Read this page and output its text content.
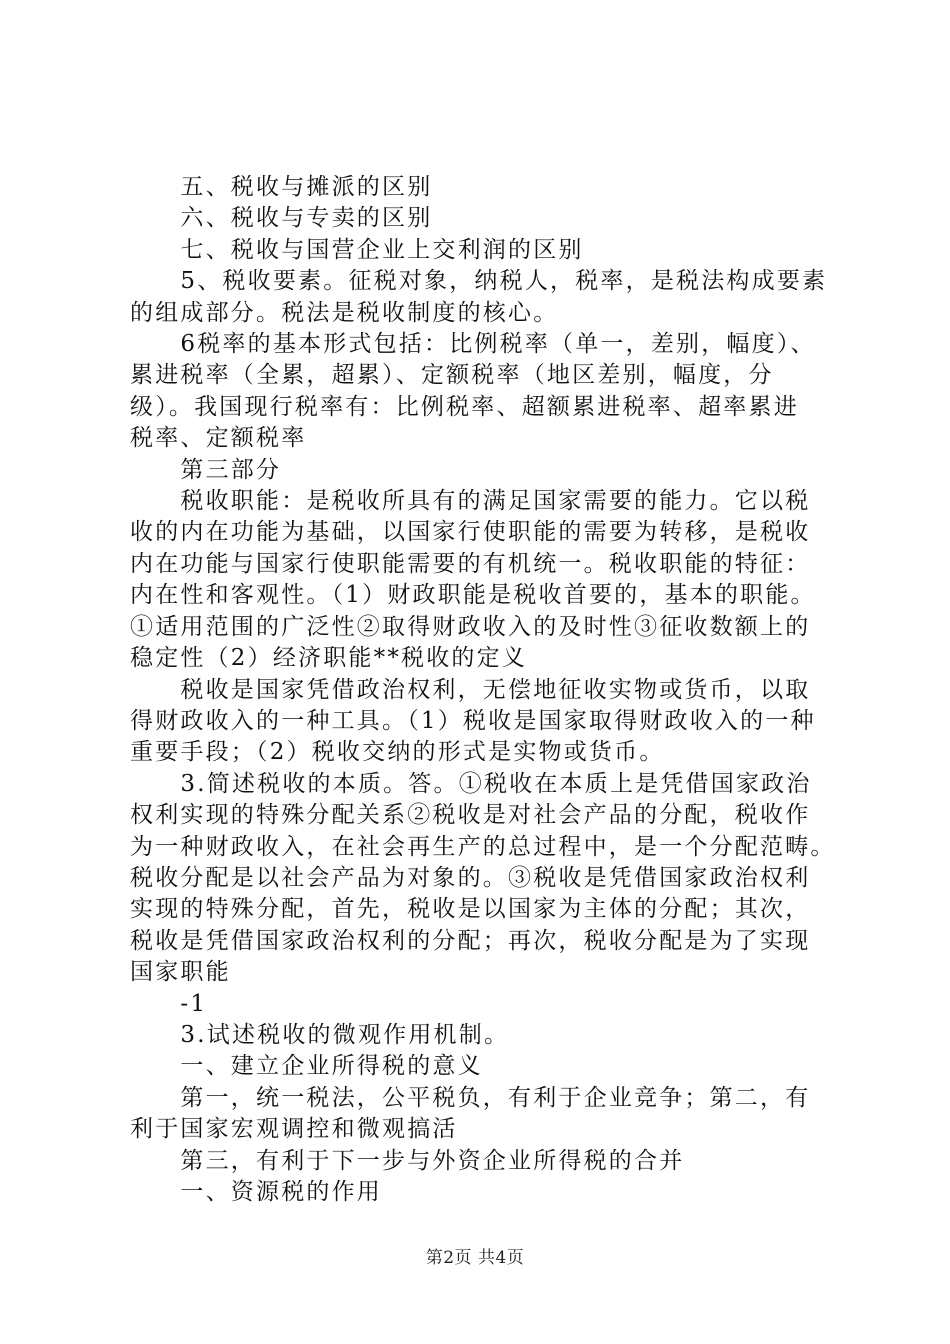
　　五、税收与摊派的区别
　　六、税收与专卖的区别
　　七、税收与国营企业上交利润的区别
　　5、税收要素。征税对象，纳税人，税率，是税法构成要素
的组成部分。税法是税收制度的核心。
　　6税率的基本形式包括：比例税率（单一，差别，幅度）、
累进税率（全累，超累）、定额税率（地区差别，幅度，分
级）。我国现行税率有：比例税率、超额累进税率、超率累进
税率、定额税率
　　第三部分
　　税收职能：是税收所具有的满足国家需要的能力。它以税
收的内在功能为基础，以国家行使职能的需要为转移，是税收
内在功能与国家行使职能需要的有机统一。税收职能的特征：
内在性和客观性。（1）财政职能是税收首要的，基本的职能。
①适用范围的广泛性②取得财政收入的及时性③征收数额上的
稳定性（2）经济职能**税收的定义
　　税收是国家凭借政治权利，无偿地征收实物或货币，以取
得财政收入的一种工具。（1）税收是国家取得财政收入的一种
重要手段；（2）税收交纳的形式是实物或货币。
　　3.简述税收的本质。答。①税收在本质上是凭借国家政治
权利实现的特殊分配关系②税收是对社会产品的分配，税收作
为一种财政收入，在社会再生产的总过程中，是一个分配范畴。
税收分配是以社会产品为对象的。③税收是凭借国家政治权利
实现的特殊分配，首先，税收是以国家为主体的分配；其次，
税收是凭借国家政治权利的分配；再次，税收分配是为了实现
国家职能
　　-1
　　3.试述税收的微观作用机制。
　　一、建立企业所得税的意义
　　第一，统一税法，公平税负，有利于企业竞争；第二，有
利于国家宏观调控和微观搞活
　　第三，有利于下一步与外资企业所得税的合并
　　一、资源税的作用
第2页 共4页
